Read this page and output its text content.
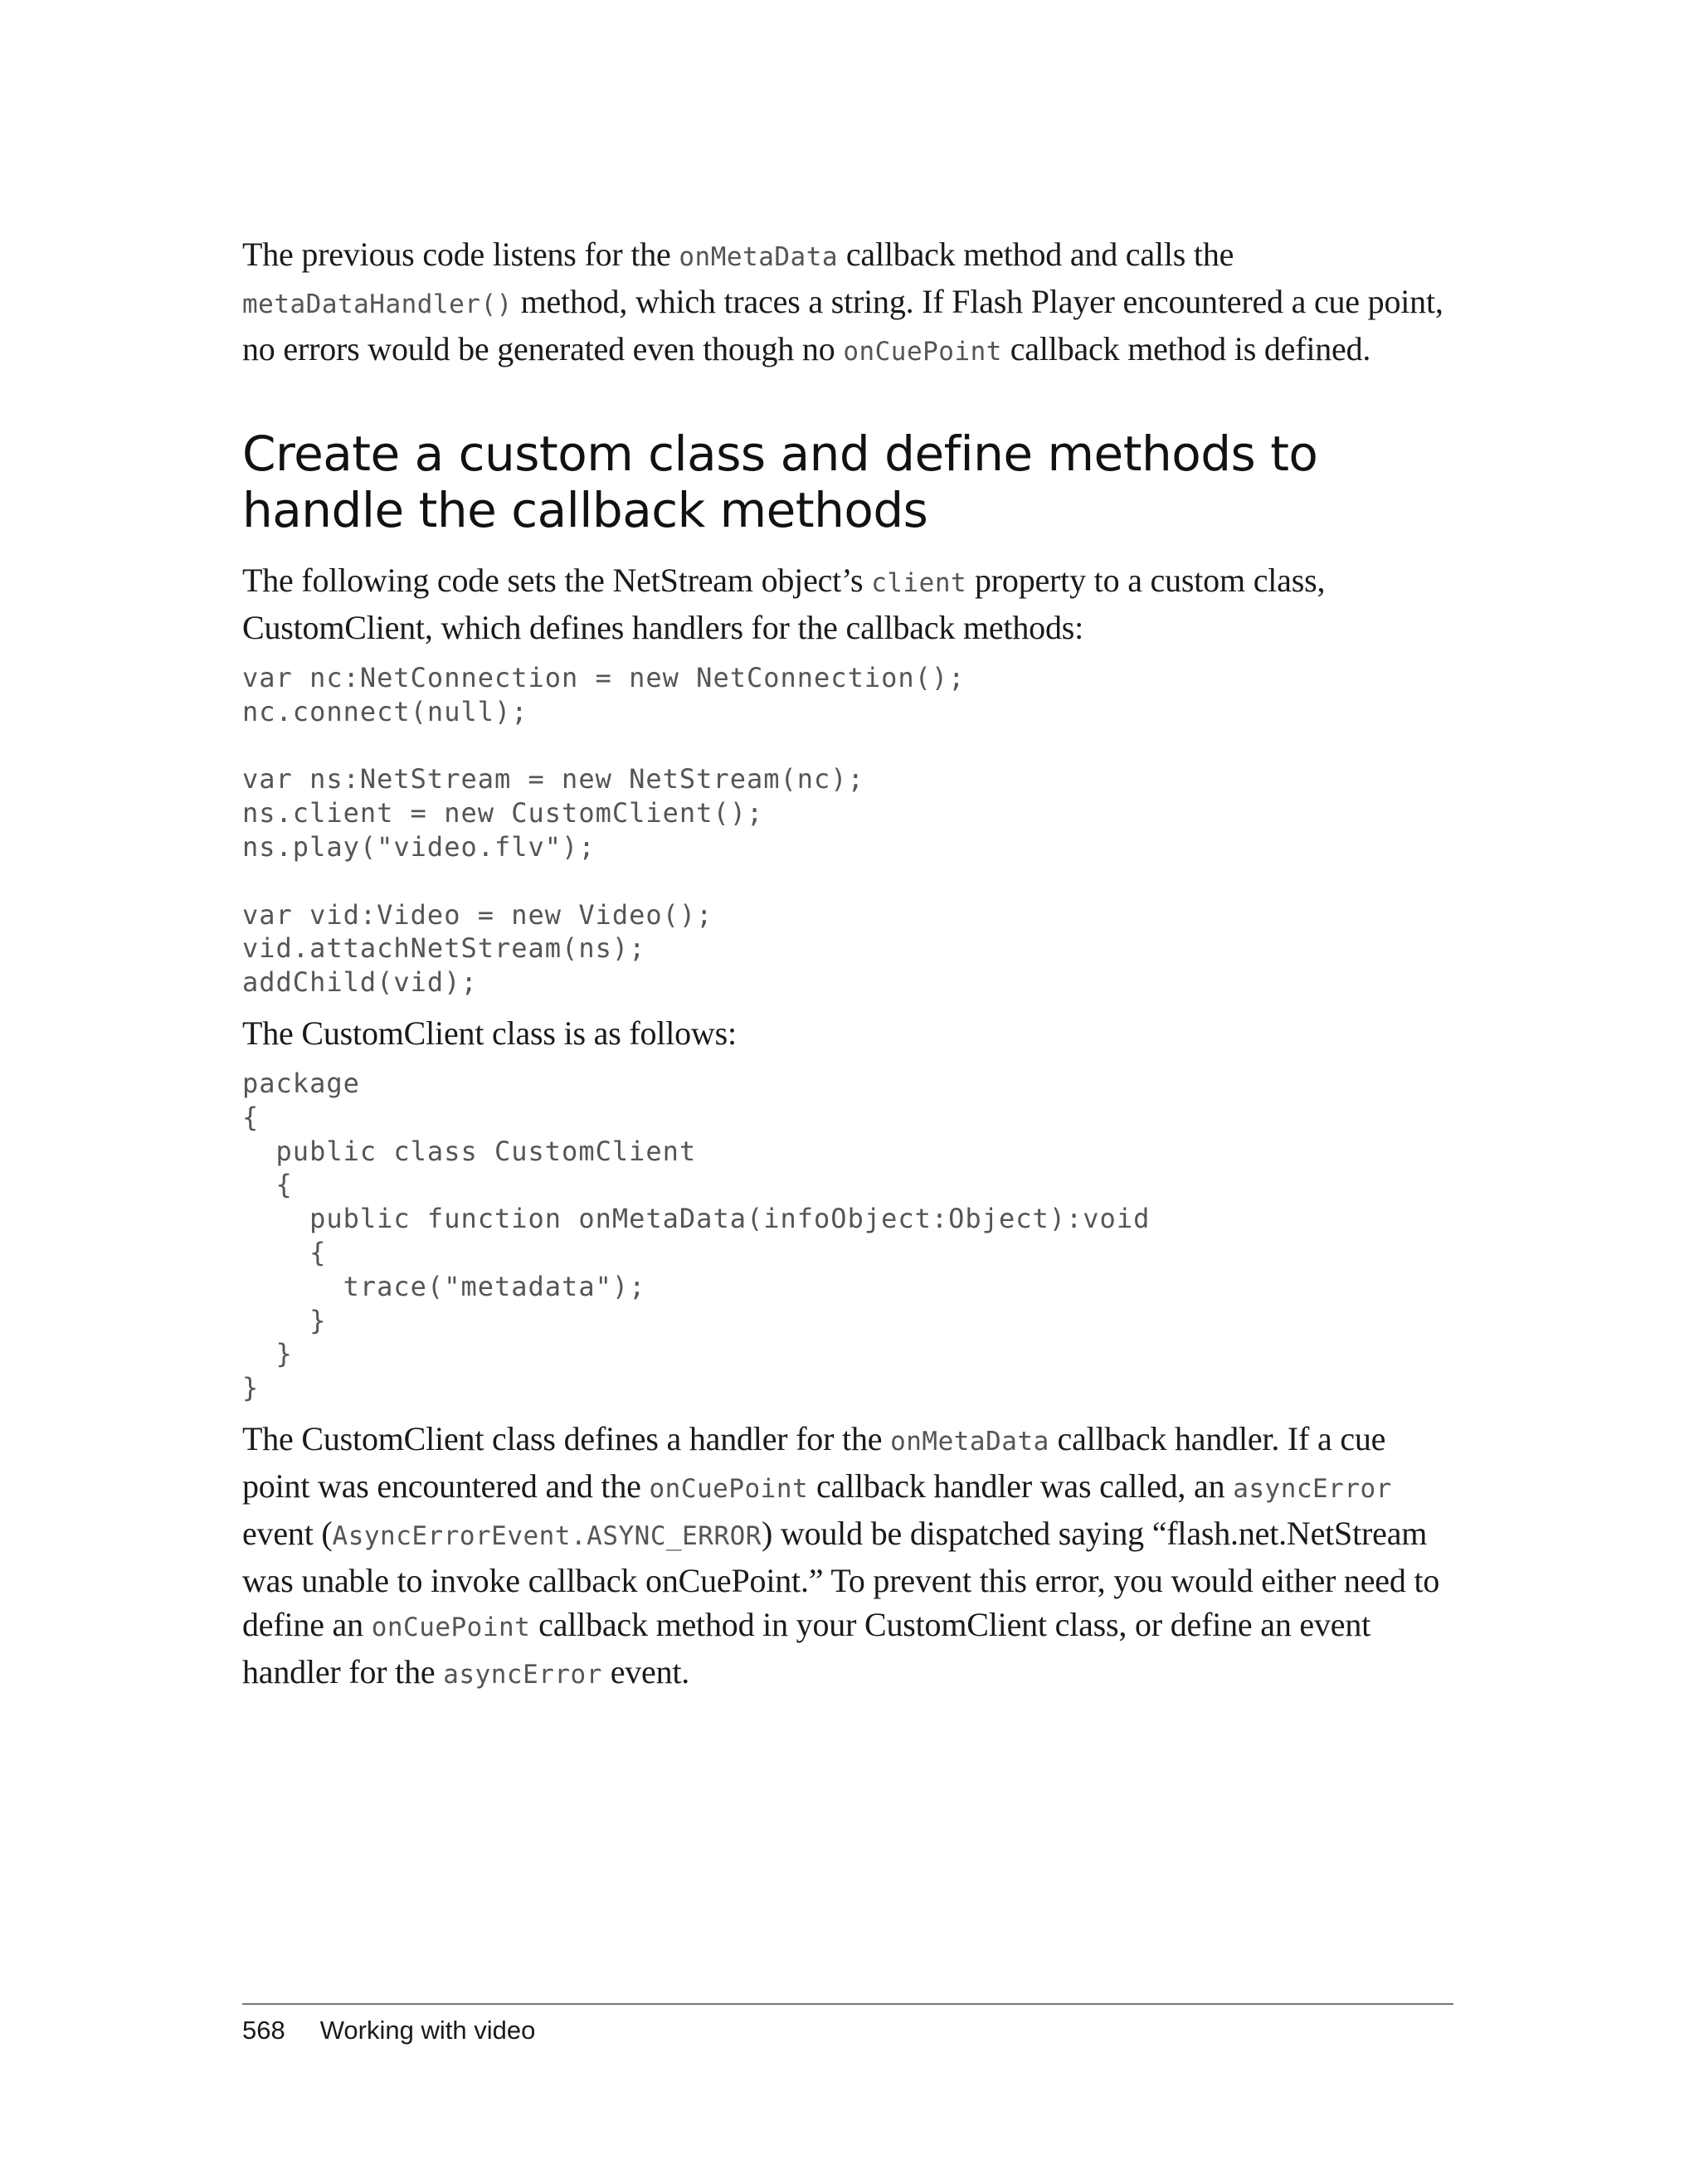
The previous code listens for the onMetaData callback method and calls the metaDataHandler() method, which traces a string. If Flash Player encountered a cue point, no errors would be generated even though no onCuePoint callback method is defined.

Create a custom class and define methods to handle the callback methods

The following code sets the NetStream object’s client property to a custom class, CustomClient, which defines handlers for the callback methods:

var nc:NetConnection = new NetConnection();
nc.connect(null);

var ns:NetStream = new NetStream(nc);
ns.client = new CustomClient();
ns.play("video.flv");

var vid:Video = new Video();
vid.attachNetStream(ns);
addChild(vid);

The CustomClient class is as follows:

package
{
public class CustomClient
{
public function onMetaData(infoObject:Object):void
{
trace("metadata");
}
}
}

The CustomClient class defines a handler for the onMetaData callback handler. If a cue point was encountered and the onCuePoint callback handler was called, an asyncError event (AsyncErrorEvent.ASYNC_ERROR) would be dispatched saying “flash.net.NetStream was unable to invoke callback onCuePoint.” To prevent this error, you would either need to define an onCuePoint callback method in your CustomClient class, or define an event handler for the asyncError event.

568 Working with video
